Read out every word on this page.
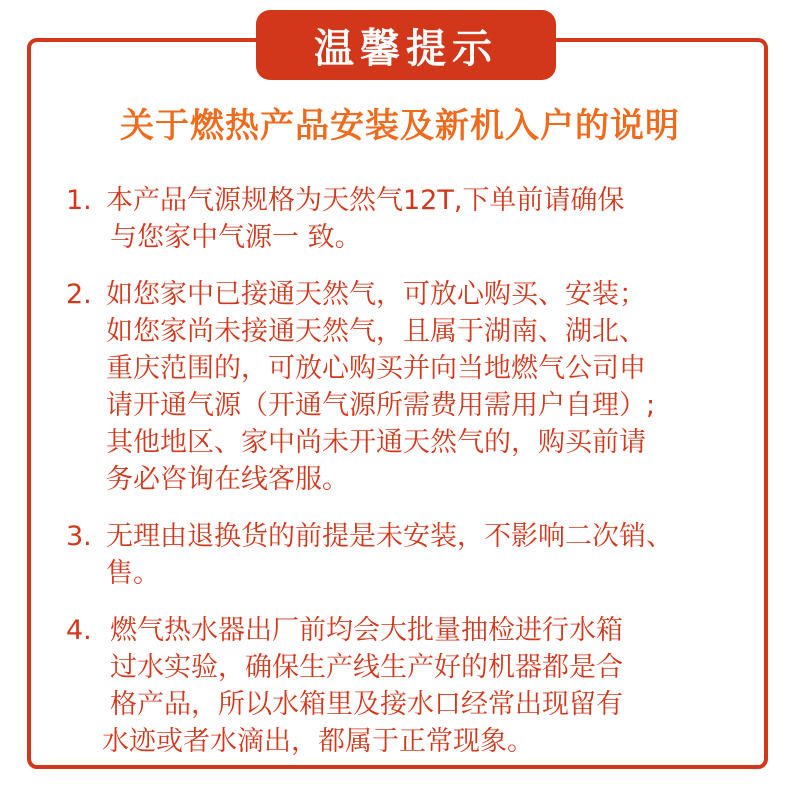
温馨提示
关于燃热产品安装及新机入户的说明
1. 本产品气源规格为天然气12T,下单前请确保
与您家中气源一 致。
2. 如您家中已接通天然气，可放心购买、安装；
如您家尚未接通天然气，且属于湖南、湖北、
重庆范围的，可放心购买并向当地燃气公司申
请开通气源（开通气源所需费用需用户自理）;
其他地区、家中尚未开通天然气的，购买前请
务必咨询在线客服。
3. 无理由退换货的前提是未安装，不影响二次销、
售。
4. 燃气热水器出厂前均会大批量抽检进行水箱
过水实验，确保生产线生产好的机器都是合
格产品，所以水箱里及接水口经常出现留有
水迹或者水滴出，都属于正常现象。
